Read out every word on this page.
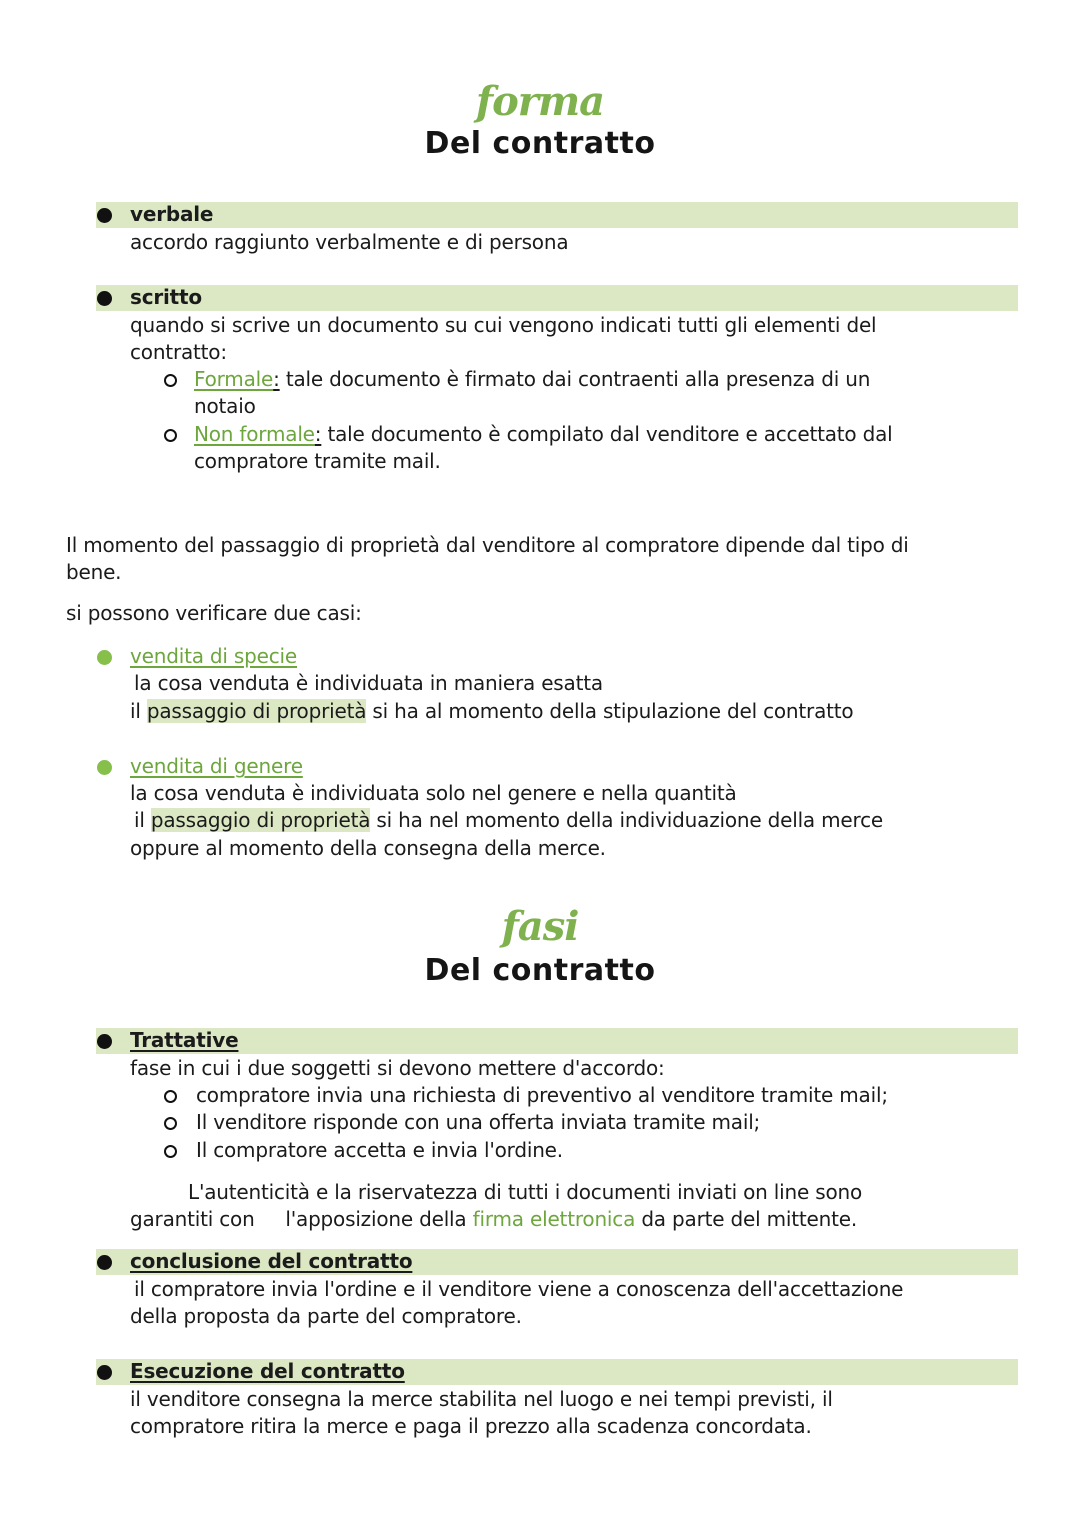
forma
Del contratto
verbale
accordo raggiunto verbalmente e di persona
scritto
quando si scrive un documento su cui vengono indicati tutti gli elementi del
contratto:
Formale: tale documento è firmato dai contraenti alla presenza di un
notaio
Non formale: tale documento è compilato dal venditore e accettato dal
compratore tramite mail.
Il momento del passaggio di proprietà dal venditore al compratore dipende dal tipo di
bene.
si possono verificare due casi:
vendita di specie
la cosa venduta è individuata in maniera esatta
il passaggio di proprietà si ha al momento della stipulazione del contratto
vendita di genere
la cosa venduta è individuata solo nel genere e nella quantità
il passaggio di proprietà si ha nel momento della individuazione della merce
oppure al momento della consegna della merce.
fasi
Del contratto
Trattative
fase in cui i due soggetti si devono mettere d'accordo:
compratore invia una richiesta di preventivo al venditore tramite mail;
Il venditore risponde con una offerta inviata tramite mail;
Il compratore accetta e invia l'ordine.
L'autenticità e la riservatezza di tutti i documenti inviati on line sono
garantiti con     l'apposizione della firma elettronica da parte del mittente.
conclusione del contratto
il compratore invia l'ordine e il venditore viene a conoscenza dell'accettazione
della proposta da parte del compratore.
Esecuzione del contratto
il venditore consegna la merce stabilita nel luogo e nei tempi previsti, il
compratore ritira la merce e paga il prezzo alla scadenza concordata.
